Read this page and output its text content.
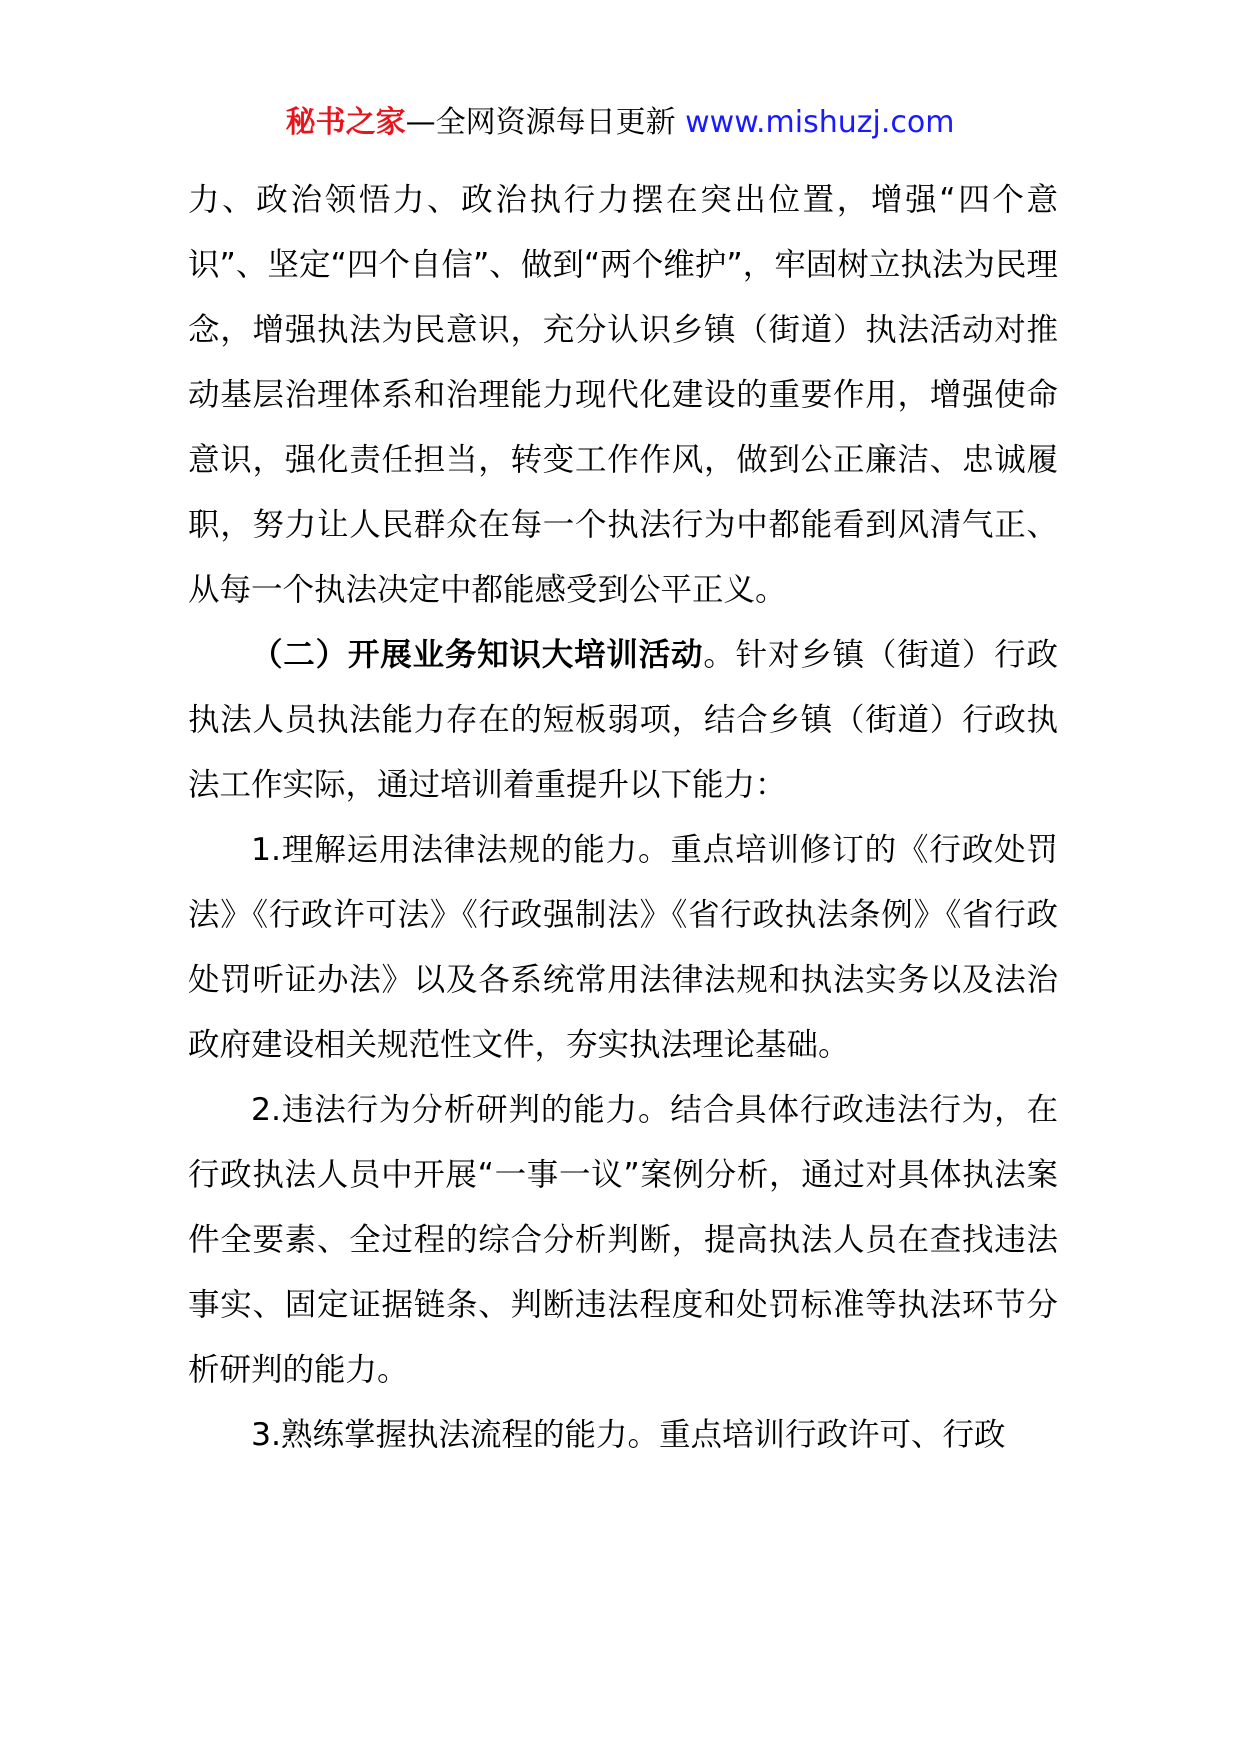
秘书之家—全网资源每日更新 www.mishuzj.com

力、政治领悟力、政治执行力摆在突出位置，增强“四个意识”、坚定“四个自信”、做到“两个维护”，牢固树立执法为民理念，增强执法为民意识，充分认识乡镇（街道）执法活动对推动基层治理体系和治理能力现代化建设的重要作用，增强使命意识，强化责任担当，转变工作作风，做到公正廉洁、忠诚履职，努力让人民群众在每一个执法行为中都能看到风清气正、从每一个执法决定中都能感受到公平正义。

（二）开展业务知识大培训活动。针对乡镇（街道）行政执法人员执法能力存在的短板弱项，结合乡镇（街道）行政执法工作实际，通过培训着重提升以下能力：

1.理解运用法律法规的能力。重点培训修订的《行政处罚法》《行政许可法》《行政强制法》《省行政执法条例》《省行政处罚听证办法》以及各系统常用法律法规和执法实务以及法治政府建设相关规范性文件，夯实执法理论基础。

2.违法行为分析研判的能力。结合具体行政违法行为，在行政执法人员中开展“一事一议”案例分析，通过对具体执法案件全要素、全过程的综合分析判断，提高执法人员在查找违法事实、固定证据链条、判断违法程度和处罚标准等执法环节分析研判的能力。

3.熟练掌握执法流程的能力。重点培训行政许可、行政
